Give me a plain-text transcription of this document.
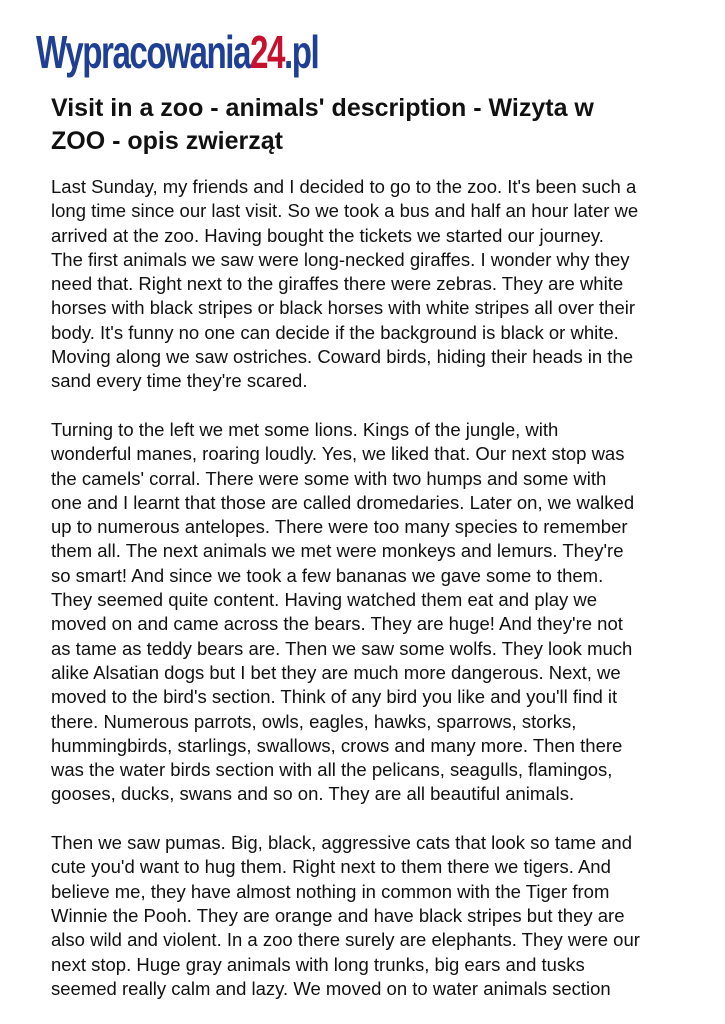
Wypracowania24.pl
Visit in a zoo - animals' description - Wizyta w
ZOO - opis zwierząt
Last Sunday, my friends and I decided to go to the zoo. It's been such a
long time since our last visit. So we took a bus and half an hour later we
arrived at the zoo. Having bought the tickets we started our journey.
The first animals we saw were long-necked giraffes. I wonder why they
need that. Right next to the giraffes there were zebras. They are white
horses with black stripes or black horses with white stripes all over their
body. It's funny no one can decide if the background is black or white.
Moving along we saw ostriches. Coward birds, hiding their heads in the
sand every time they're scared.
Turning to the left we met some lions. Kings of the jungle, with
wonderful manes, roaring loudly. Yes, we liked that. Our next stop was
the camels' corral. There were some with two humps and some with
one and I learnt that those are called dromedaries. Later on, we walked
up to numerous antelopes. There were too many species to remember
them all. The next animals we met were monkeys and lemurs. They're
so smart! And since we took a few bananas we gave some to them.
They seemed quite content. Having watched them eat and play we
moved on and came across the bears. They are huge! And they're not
as tame as teddy bears are. Then we saw some wolfs. They look much
alike Alsatian dogs but I bet they are much more dangerous. Next, we
moved to the bird's section. Think of any bird you like and you'll find it
there. Numerous parrots, owls, eagles, hawks, sparrows, storks,
hummingbirds, starlings, swallows, crows and many more. Then there
was the water birds section with all the pelicans, seagulls, flamingos,
gooses, ducks, swans and so on. They are all beautiful animals.
Then we saw pumas. Big, black, aggressive cats that look so tame and
cute you'd want to hug them. Right next to them there we tigers. And
believe me, they have almost nothing in common with the Tiger from
Winnie the Pooh. They are orange and have black stripes but they are
also wild and violent. In a zoo there surely are elephants. They were our
next stop. Huge gray animals with long trunks, big ears and tusks
seemed really calm and lazy. We moved on to water animals section
